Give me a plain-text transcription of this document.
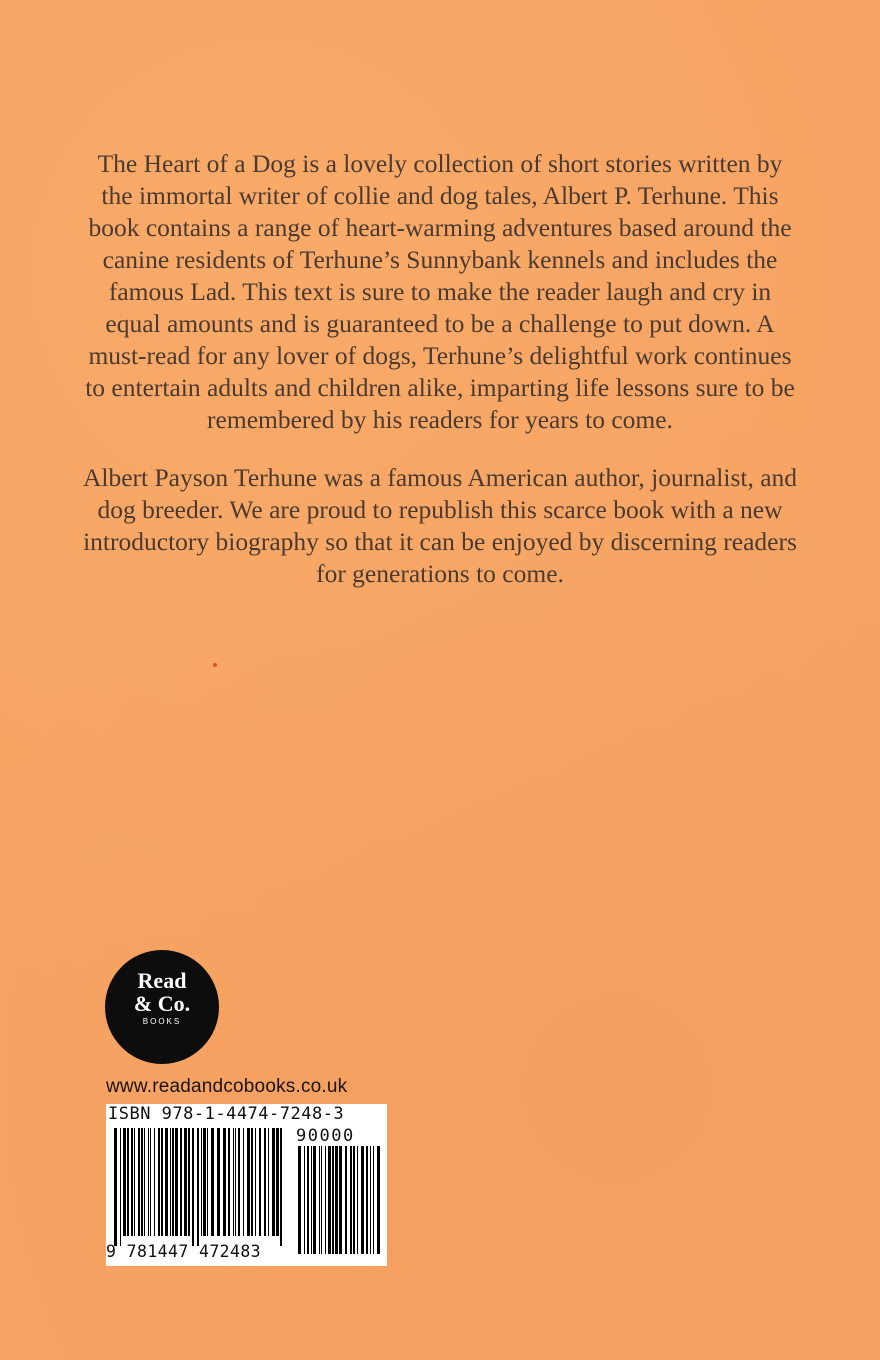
The Heart of a Dog is a lovely collection of short stories written by the immortal writer of collie and dog tales, Albert P. Terhune. This book contains a range of heart-warming adventures based around the canine residents of Terhune’s Sunnybank kennels and includes the famous Lad. This text is sure to make the reader laugh and cry in equal amounts and is guaranteed to be a challenge to put down. A must-read for any lover of dogs, Terhune’s delightful work continues to entertain adults and children alike, imparting life lessons sure to be remembered by his readers for years to come.

Albert Payson Terhune was a famous American author, journalist, and dog breeder. We are proud to republish this scarce book with a new introductory biography so that it can be enjoyed by discerning readers for generations to come.

Read
& Co.
BOOKS
www.readandcobooks.co.uk
ISBN 978-1-4474-7248-3
90000
9 781447 472483
